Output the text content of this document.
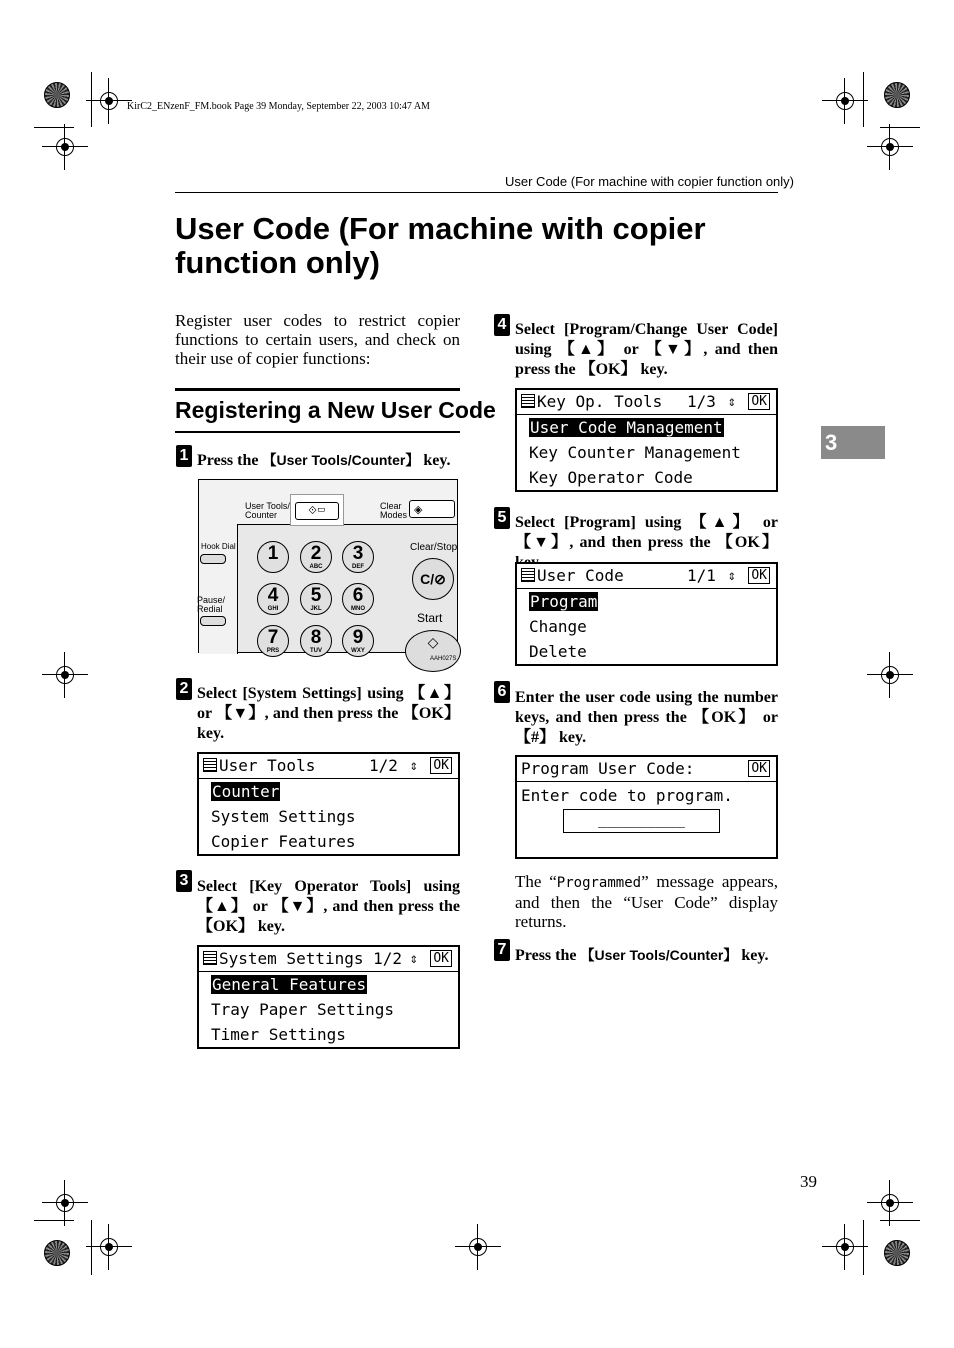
KirC2_ENzenF_FM.book Page 39 Monday, September 22, 2003 10:47 AM
User Code (For machine with copier function only)
User Code (For machine with copier
function only)
Register user codes to restrict copier functions to certain users, and check on their use of copier functions:
Registering a New User Code
1 Press the 【User Tools/Counter】 key.
User Tools/
Counter	⟐▭	Clear
Modes ◈
Hook Dial
Pause/
Redial
1	2
ABC
3
DEF
4
GHI
5
JKL
6
MNO
7
PRS
8
TUV
9
WXY
Clear/Stop
C/⊘
Start
◇
AAH027S
2 Select [System Settings] using 【▲】 or 【▼】, and then press the 【OK】 key.
User Tools	1/2 ⇕ OK
Counter
System Settings
Copier Features
3 Select [Key Operator Tools] using 【▲】 or 【▼】, and then press the 【OK】 key.
System Settings 1/2 ⇕ OK
General Features
Tray Paper Settings
Timer Settings
4 Select [Program/Change User Code] using 【▲】 or 【▼】, and then press the 【OK】 key.
Key Op. Tools 1/3 ⇕ OK
User Code Management
Key Counter Management
Key Operator Code
5 Select [Program] using 【▲】 or 【▼】, and then press the 【OK】
User Code	1/1 ⇕ OK
Program
Change
Delete
6 Enter the user code using the number keys, and then press the 【OK】 or 【#】 key.
Program User Code:	OK
Enter code to program.
_________
The “Programmed” message appears, and then the “User Code” display returns.
7 Press the 【User Tools/Counter】 key.
3
39
